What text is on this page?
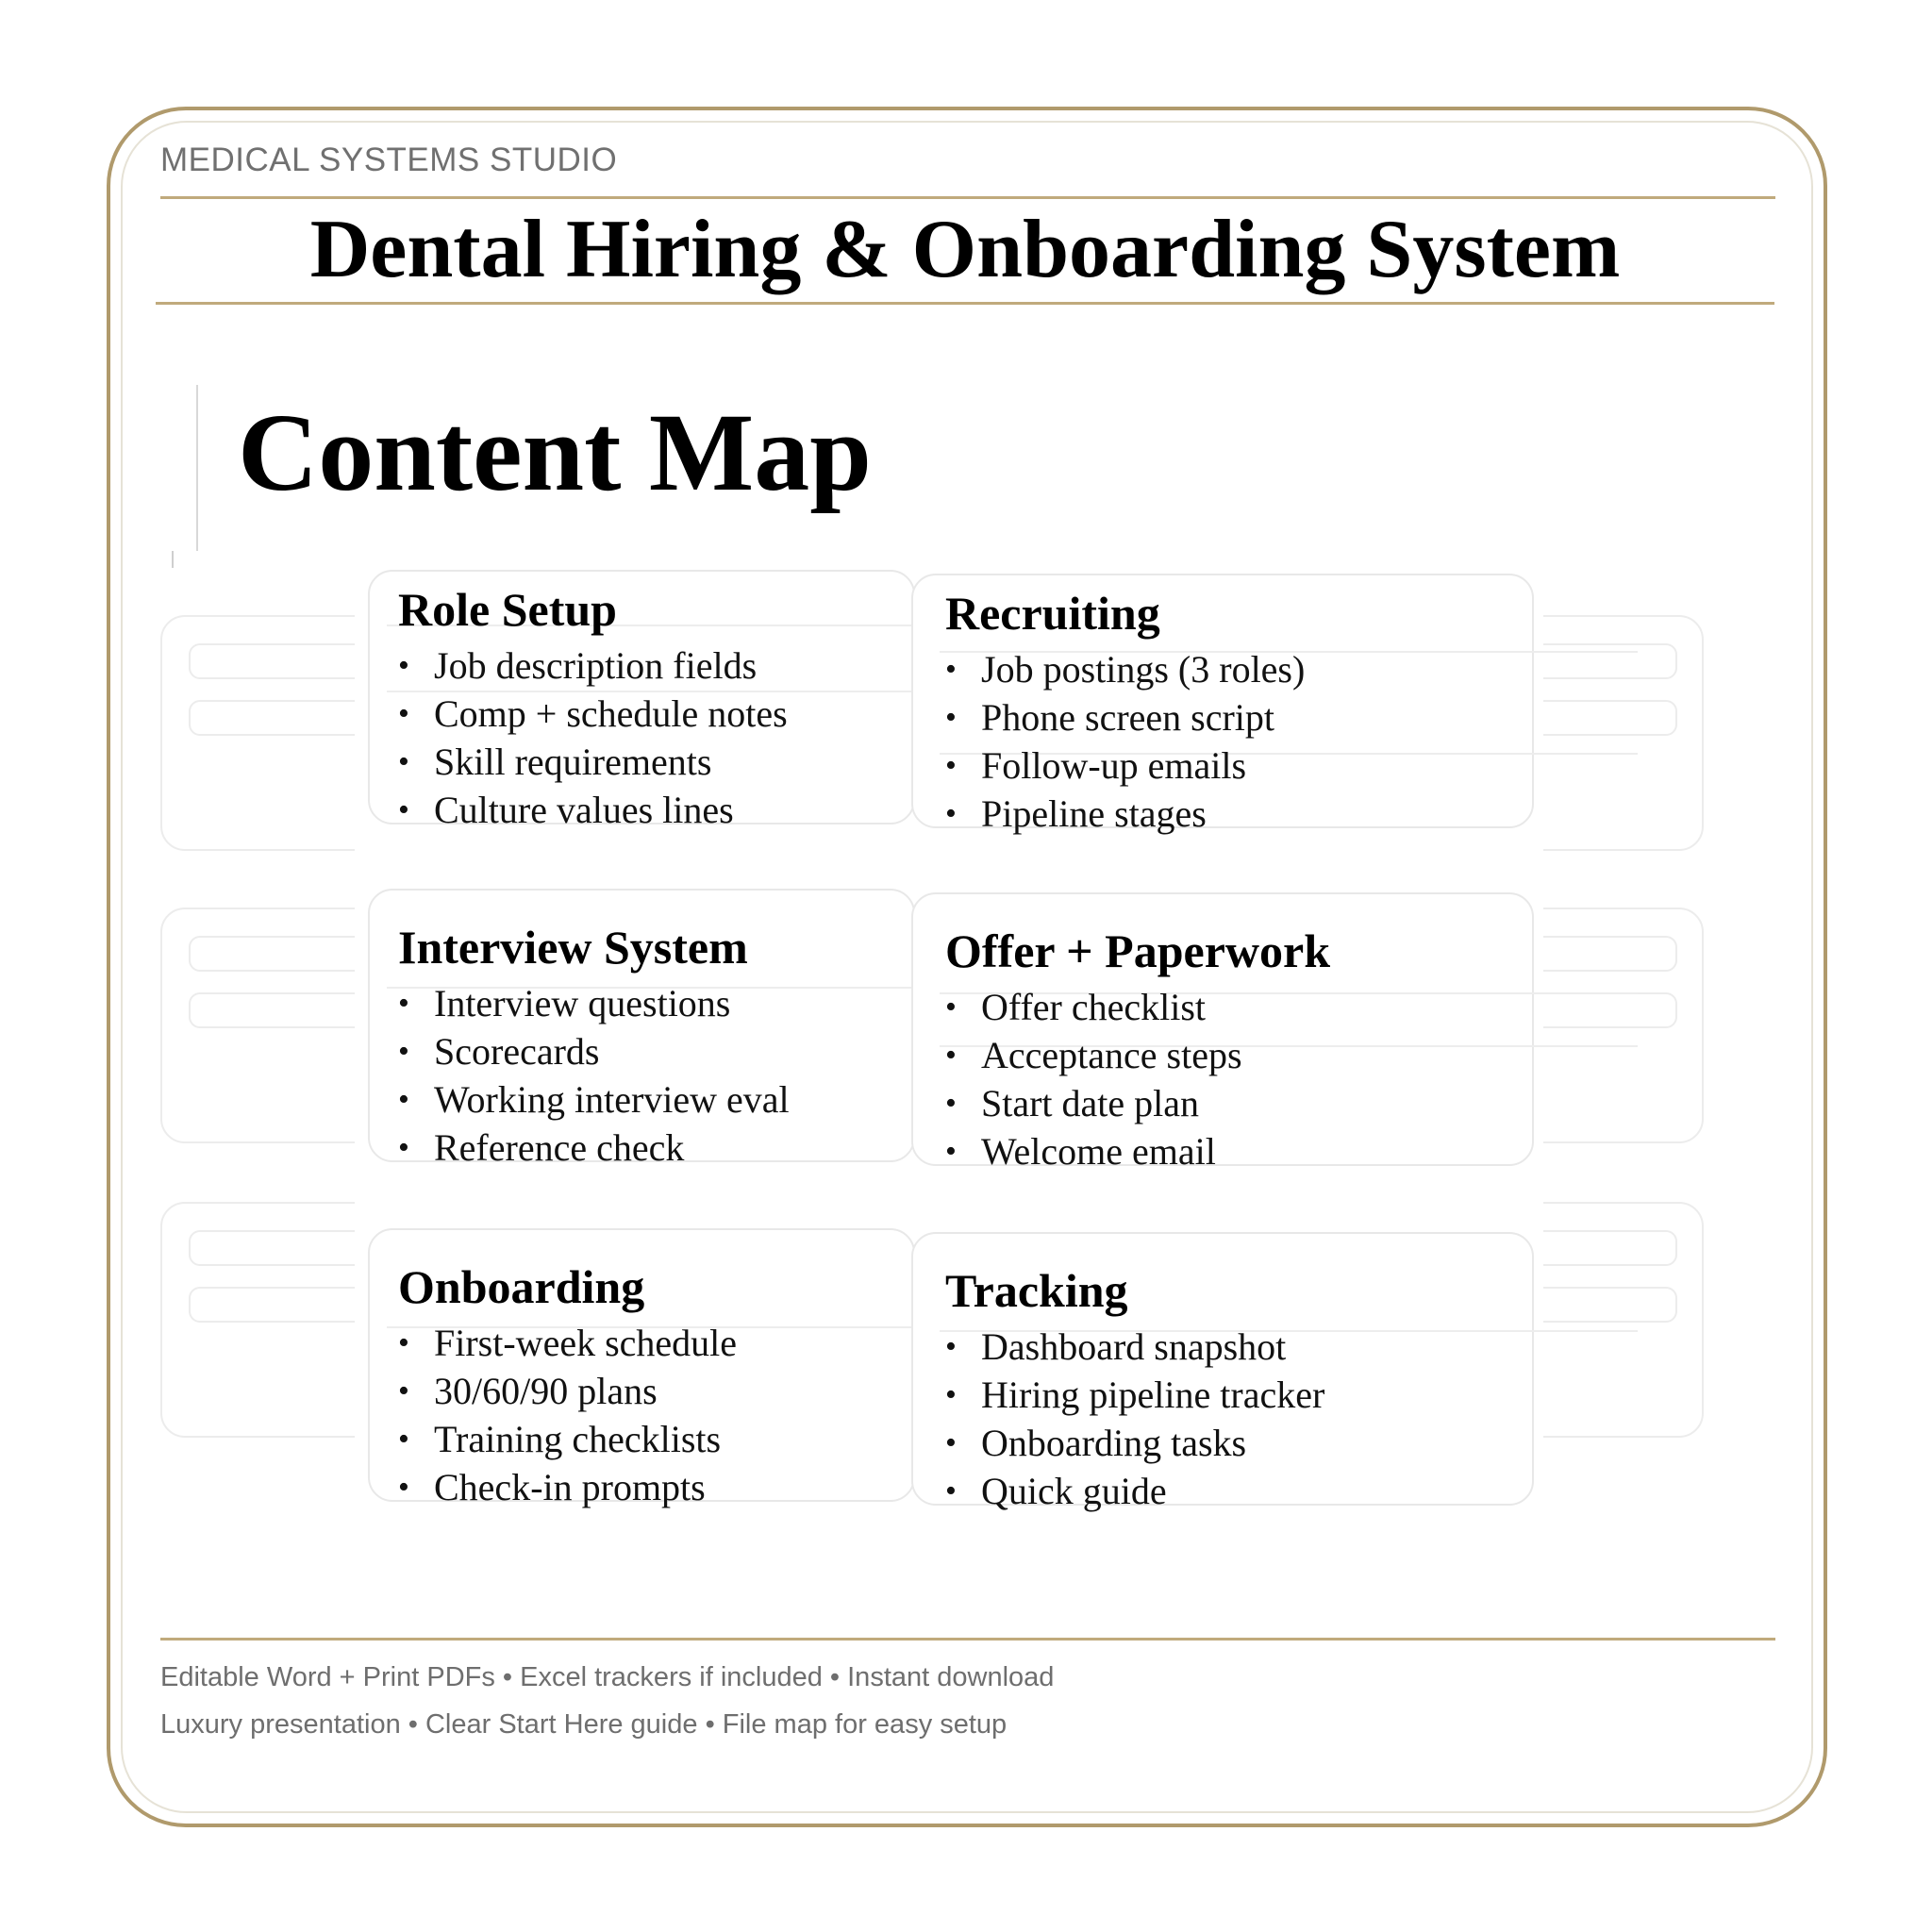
MEDICAL SYSTEMS STUDIO
Dental Hiring & Onboarding System
Content Map
Role Setup
• Job description fields
• Comp + schedule notes
• Skill requirements
• Culture values lines
Recruiting
• Job postings (3 roles)
• Phone screen script
• Follow-up emails
• Pipeline stages
Interview System
• Interview questions
• Scorecards
• Working interview eval
• Reference check
Offer + Paperwork
• Offer checklist
• Acceptance steps
• Start date plan
• Welcome email
Onboarding
• First-week schedule
• 30/60/90 plans
• Training checklists
• Check-in prompts
Tracking
• Dashboard snapshot
• Hiring pipeline tracker
• Onboarding tasks
• Quick guide
Editable Word + Print PDFs • Excel trackers if included • Instant download
Luxury presentation • Clear Start Here guide • File map for easy setup
